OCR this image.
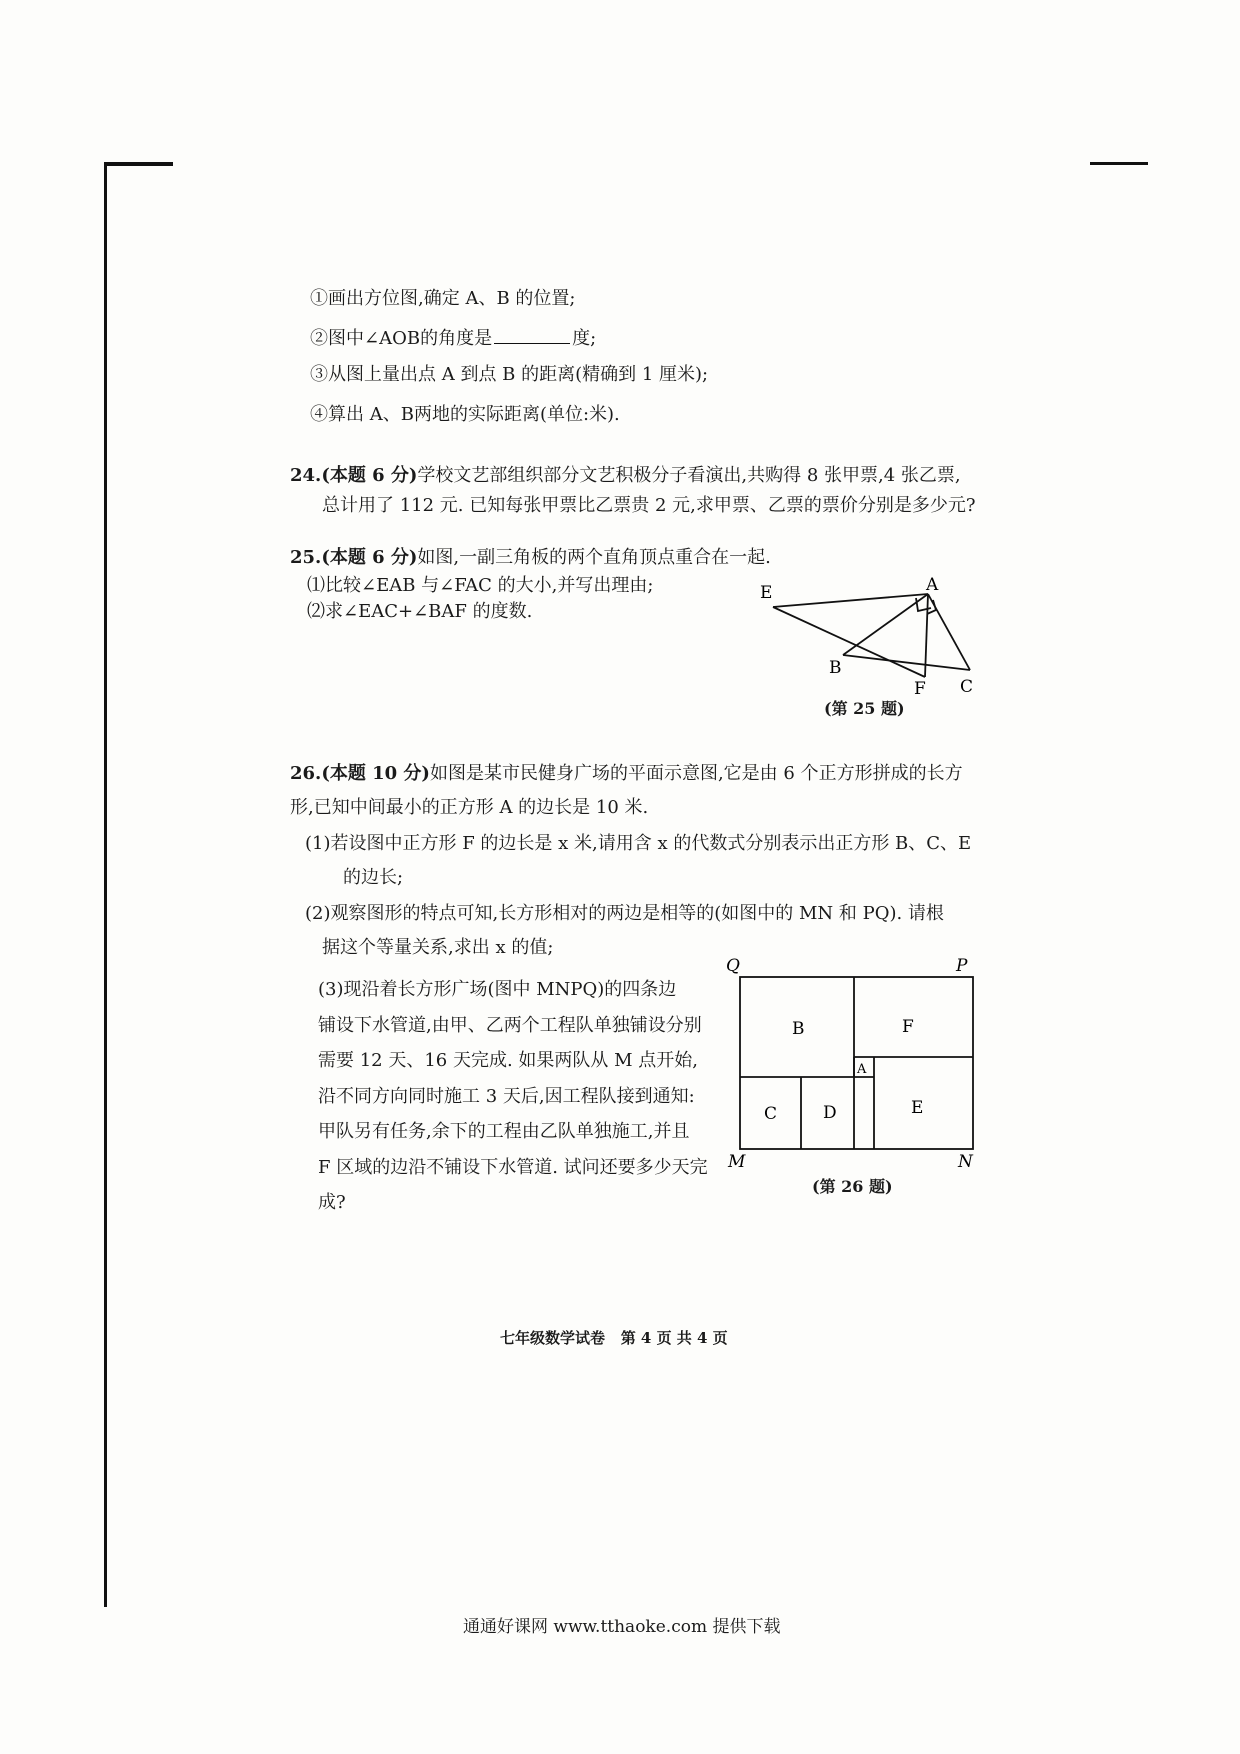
①画出方位图,确定 A、B 的位置;
②图中∠AOB的角度是	度;
③从图上量出点 A 到点 B 的距离(精确到 1 厘米);
④算出 A、B两地的实际距离(单位:米).
24.(本题 6 分)学校文艺部组织部分文艺积极分子看演出,共购得 8 张甲票,4 张乙票,
总计用了 112 元. 已知每张甲票比乙票贵 2 元,求甲票、乙票的票价分别是多少元?
25.(本题 6 分)如图,一副三角板的两个直角顶点重合在一起.
⑴比较∠EAB 与∠FAC 的大小,并写出理由;
⑵求∠EAC+∠BAF 的度数.
E	A
B
F C
(第 25 题)
26.(本题 10 分)如图是某市民健身广场的平面示意图,它是由 6 个正方形拼成的长方
形,已知中间最小的正方形 A 的边长是 10 米.
(1)若设图中正方形 F 的边长是 x 米,请用含 x 的代数式分别表示出正方形 B、C、E
的边长;
(2)观察图形的特点可知,长方形相对的两边是相等的(如图中的 MN 和 PQ). 请根
据这个等量关系,求出 x 的值;
(3)现沿着长方形广场(图中 MNPQ)的四条边
铺设下水管道,由甲、乙两个工程队单独铺设分别
需要 12 天、16 天完成. 如果两队从 M 点开始,
沿不同方向同时施工 3 天后,因工程队接到通知:
甲队另有任务,余下的工程由乙队单独施工,并且
F 区域的边沿不铺设下水管道. 试问还要多少天完
成?
Q	P
M	N
B	F
A
C	D	E
(第 26 题)
七年级数学试卷 第 4 页 共 4 页
通通好课网 www.tthaoke.com 提供下载
